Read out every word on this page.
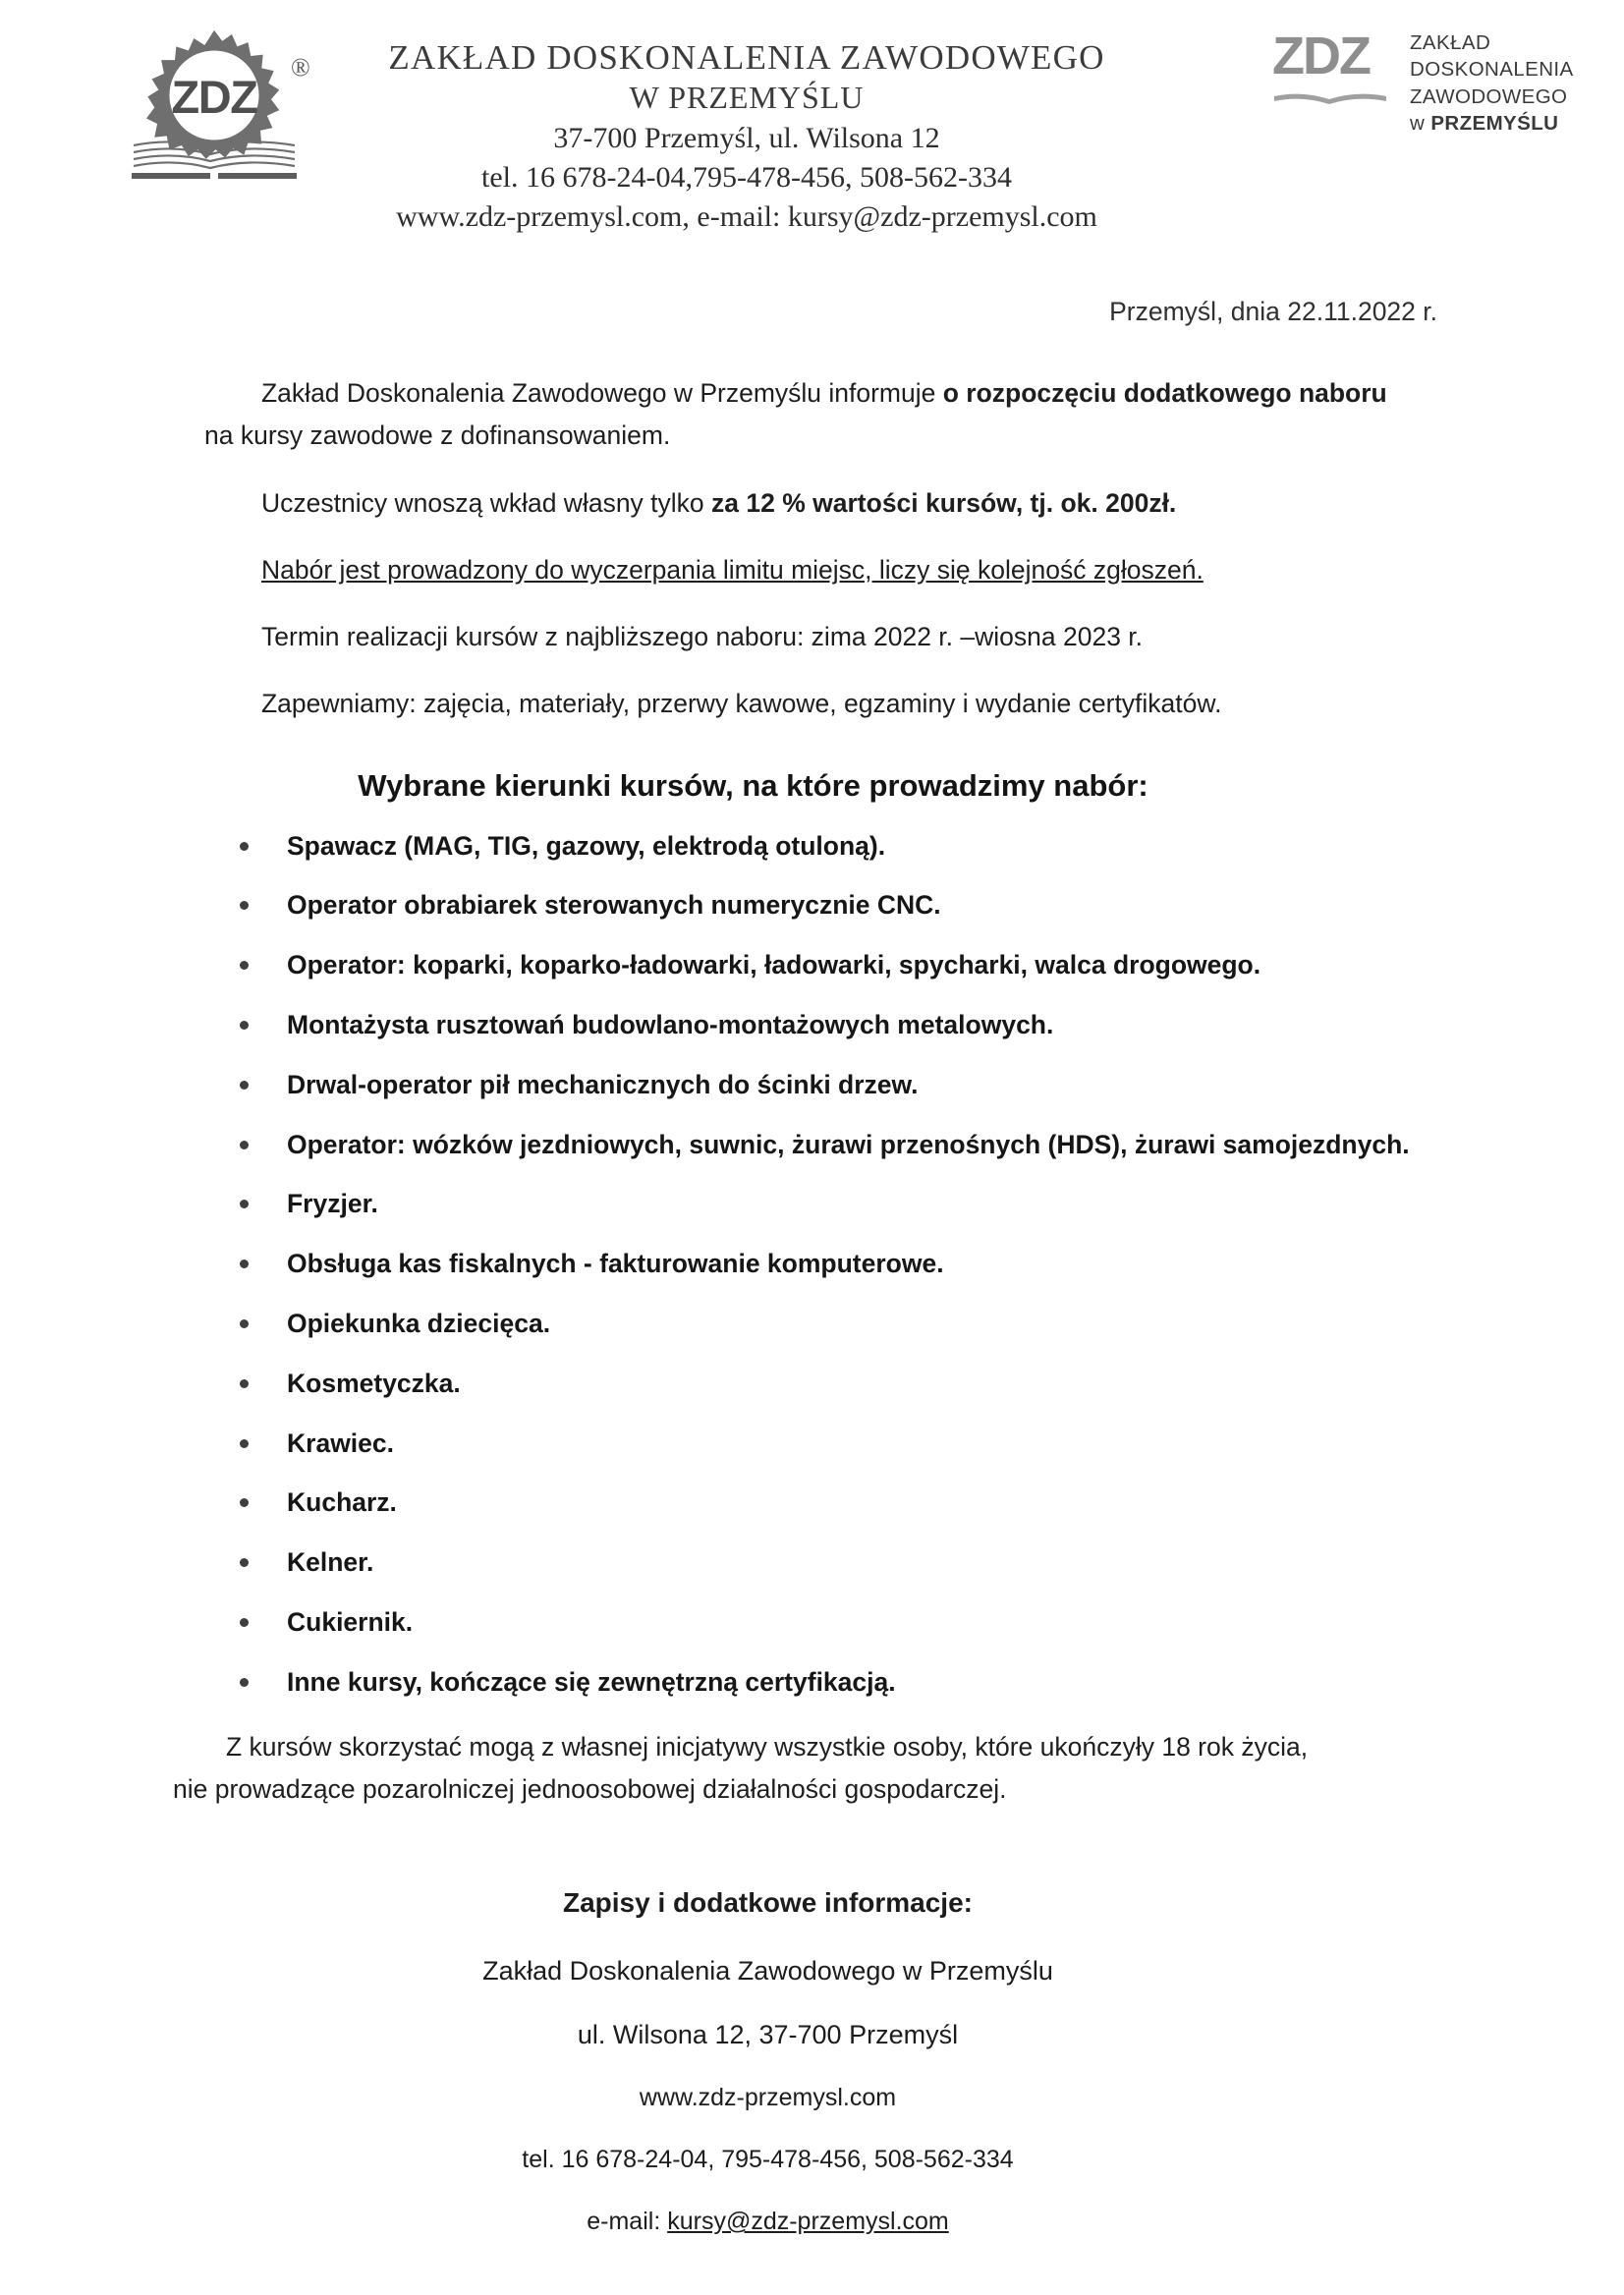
ZDZ
®	ZAKŁAD DOSKONALENIA ZAWODOWEGO
W PRZEMYŚLU
37-700 Przemyśl, ul. Wilsona 12
tel. 16 678-24-04,795-478-456, 508-562-334
www.zdz-przemysl.com, e-mail: kursy@zdz-przemysl.com
ZDZ	ZAKŁAD
DOSKONALENIA
ZAWODOWEGO
w PRZEMYŚLU
Przemyśl, dnia 22.11.2022 r.

Zakład Doskonalenia Zawodowego w Przemyślu informuje o rozpoczęciu dodatkowego naboru
na kursy zawodowe z dofinansowaniem.

Uczestnicy wnoszą wkład własny tylko za 12 % wartości kursów, tj. ok. 200zł.

Nabór jest prowadzony do wyczerpania limitu miejsc, liczy się kolejność zgłoszeń.

Termin realizacji kursów z najbliższego naboru: zima 2022 r. –wiosna 2023 r.

Zapewniamy: zajęcia, materiały, przerwy kawowe, egzaminy i wydanie certyfikatów.

Wybrane kierunki kursów, na które prowadzimy nabór:
Spawacz (MAG, TIG, gazowy, elektrodą otuloną).
Operator obrabiarek sterowanych numerycznie CNC.
Operator: koparki, koparko-ładowarki, ładowarki, spycharki, walca drogowego.
Montażysta rusztowań budowlano-montażowych metalowych.
Drwal-operator pił mechanicznych do ścinki drzew.
Operator: wózków jezdniowych, suwnic, żurawi przenośnych (HDS), żurawi samojezdnych.
Fryzjer.
Obsługa kas fiskalnych - fakturowanie komputerowe.
Opiekunka dziecięca.
Kosmetyczka.
Krawiec.
Kucharz.
Kelner.
Cukiernik.
Inne kursy, kończące się zewnętrzną certyfikacją.
Z kursów skorzystać mogą z własnej inicjatywy wszystkie osoby, które ukończyły 18 rok życia,
nie prowadzące pozarolniczej jednoosobowej działalności gospodarczej.
Zapisy i dodatkowe informacje:
Zakład Doskonalenia Zawodowego w Przemyślu
ul. Wilsona 12, 37-700 Przemyśl
www.zdz-przemysl.com
tel. 16 678-24-04, 795-478-456, 508-562-334
e-mail: kursy@zdz-przemysl.com
